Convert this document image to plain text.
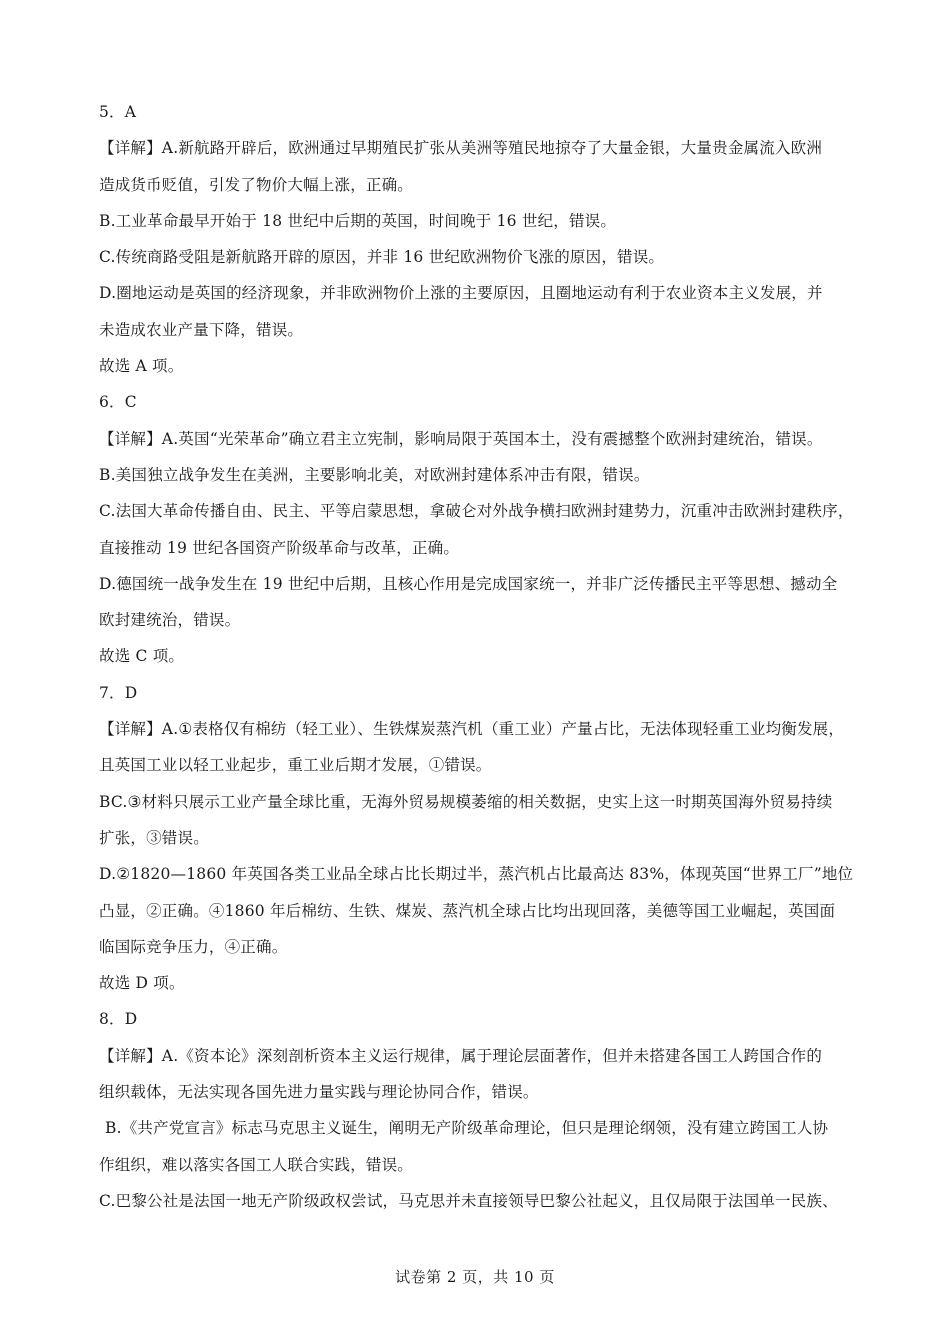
5．A
【详解】A.新航路开辟后，欧洲通过早期殖民扩张从美洲等殖民地掠夺了大量金银，大量贵金属流入欧洲
造成货币贬值，引发了物价大幅上涨，正确。
B.工业革命最早开始于 18 世纪中后期的英国，时间晚于 16 世纪，错误。
C.传统商路受阻是新航路开辟的原因，并非 16 世纪欧洲物价飞涨的原因，错误。
D.圈地运动是英国的经济现象，并非欧洲物价上涨的主要原因，且圈地运动有利于农业资本主义发展，并
未造成农业产量下降，错误。
故选 A 项。
6．C
【详解】A.英国“光荣革命”确立君主立宪制，影响局限于英国本土，没有震撼整个欧洲封建统治，错误。
B.美国独立战争发生在美洲，主要影响北美，对欧洲封建体系冲击有限，错误。
C.法国大革命传播自由、民主、平等启蒙思想，拿破仑对外战争横扫欧洲封建势力，沉重冲击欧洲封建秩序，
直接推动 19 世纪各国资产阶级革命与改革，正确。
D.德国统一战争发生在 19 世纪中后期，且核心作用是完成国家统一，并非广泛传播民主平等思想、撼动全
欧封建统治，错误。
故选 C 项。
7．D
【详解】A.①表格仅有棉纺（轻工业）、生铁煤炭蒸汽机（重工业）产量占比，无法体现轻重工业均衡发展，
且英国工业以轻工业起步，重工业后期才发展，①错误。
BC.③材料只展示工业产量全球比重，无海外贸易规模萎缩的相关数据，史实上这一时期英国海外贸易持续
扩张，③错误。
D.②1820—1860 年英国各类工业品全球占比长期过半，蒸汽机占比最高达 83%，体现英国“世界工厂”地位
凸显，②正确。④1860 年后棉纺、生铁、煤炭、蒸汽机全球占比均出现回落，美德等国工业崛起，英国面
临国际竞争压力，④正确。
故选 D 项。
8．D
【详解】A.《资本论》深刻剖析资本主义运行规律，属于理论层面著作，但并未搭建各国工人跨国合作的
组织载体，无法实现各国先进力量实践与理论协同合作，错误。
B.《共产党宣言》标志马克思主义诞生，阐明无产阶级革命理论，但只是理论纲领，没有建立跨国工人协
作组织，难以落实各国工人联合实践，错误。
C.巴黎公社是法国一地无产阶级政权尝试，马克思并未直接领导巴黎公社起义，且仅局限于法国单一民族、
试卷第 2 页，共 10 页
